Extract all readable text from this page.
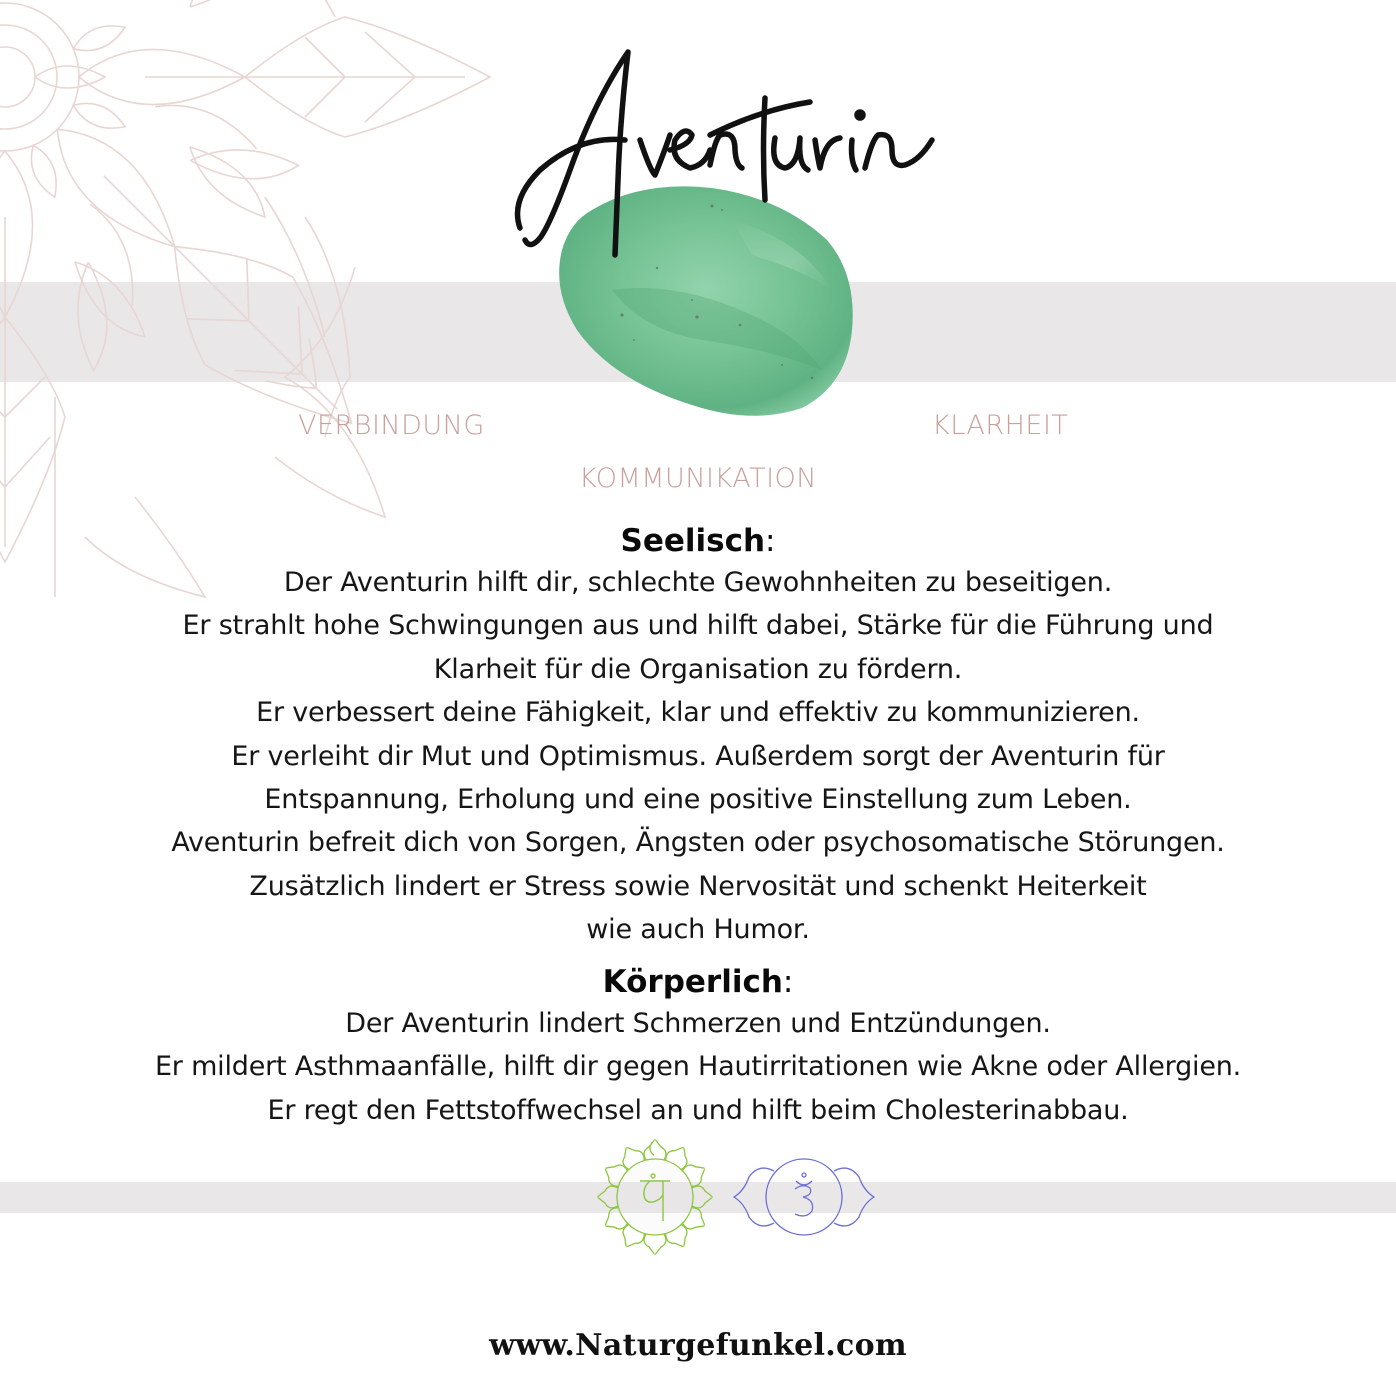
VERBINDUNG	KLARHEIT
KOMMUNIKATION
Seelisch:
Der Aventurin hilft dir, schlechte Gewohnheiten zu beseitigen.
Er strahlt hohe Schwingungen aus und hilft dabei, Stärke für die Führung und
Klarheit für die Organisation zu fördern.
Er verbessert deine Fähigkeit, klar und effektiv zu kommunizieren.
Er verleiht dir Mut und Optimismus. Außerdem sorgt der Aventurin für
Entspannung, Erholung und eine positive Einstellung zum Leben.
Aventurin befreit dich von Sorgen, Ängsten oder psychosomatische Störungen.
Zusätzlich lindert er Stress sowie Nervosität und schenkt Heiterkeit
wie auch Humor.
Körperlich:
Der Aventurin lindert Schmerzen und Entzündungen.
Er mildert Asthmaanfälle, hilft dir gegen Hautirritationen wie Akne oder Allergien.
Er regt den Fettstoffwechsel an und hilft beim Cholesterinabbau.
www.Naturgefunkel.com
